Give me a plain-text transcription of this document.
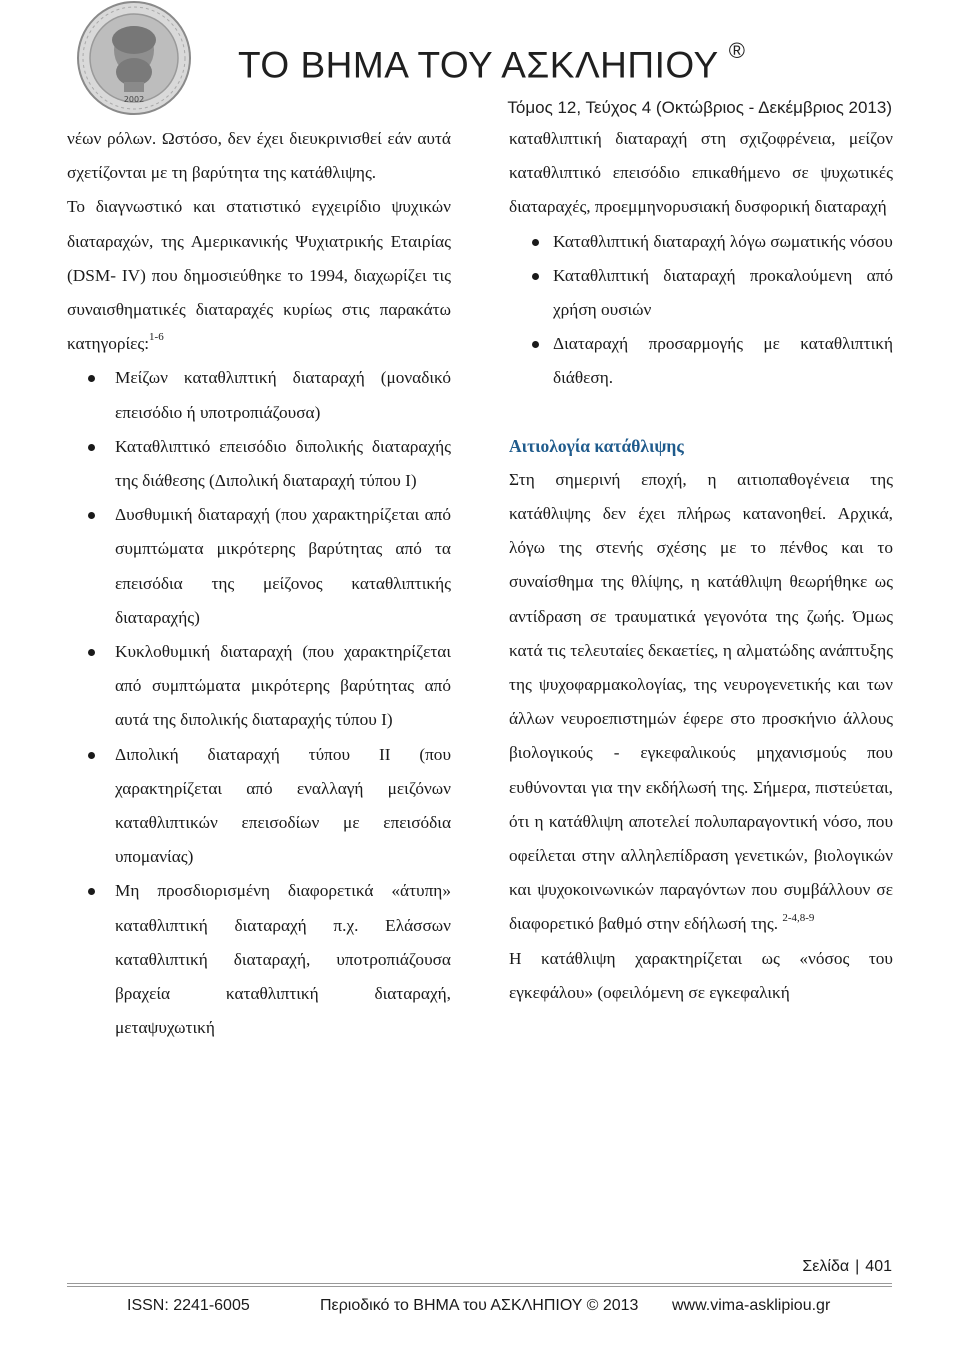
2002
ΤΟ ΒΗΜΑ ΤΟΥ ΑΣΚΛΗΠΙΟΥ ®
Τόμος 12, Τεύχος 4 (Οκτώβριος - Δεκέμβριος 2013)

νέων ρόλων. Ωστόσο, δεν έχει διευκρινισθεί εάν αυτά σχετίζονται με τη βαρύτητα της κατάθλιψης.

Το διαγνωστικό και στατιστικό εγχειρίδιο ψυχικών διαταραχών, της Αμερικανικής Ψυχιατρικής Εταιρίας (DSM- IV) που δημοσιεύθηκε το 1994, διαχωρίζει τις συναισθηματικές διαταραχές κυρίως στις παρακάτω κατηγορίες:$^{1-6}$

Μείζων καταθλιπτική διαταραχή (μοναδικό επεισόδιο ή υποτροπιάζουσα)
Καταθλιπτικό επεισόδιο διπολικής διαταραχής της διάθεσης (Διπολική διαταραχή τύπου Ι)
Δυσθυμική διαταραχή (που χαρακτηρίζεται από συμπτώματα μικρότερης βαρύτητας από τα επεισόδια της μείζονος καταθλιπτικής διαταραχής)
Κυκλοθυμική διαταραχή (που χαρακτηρίζεται από συμπτώματα μικρότερης βαρύτητας από αυτά της διπολικής διαταραχής τύπου Ι)
Διπολική διαταραχή τύπου ΙΙ (που χαρακτηρίζεται από εναλλαγή μειζόνων καταθλιπτικών επεισοδίων με επεισόδια υπομανίας)
Μη προσδιορισμένη διαφορετικά «άτυπη» καταθλιπτική διαταραχή π.χ. Ελάσσων καταθλιπτική διαταραχή, υποτροπιάζουσα βραχεία καταθλιπτική διαταραχή, μεταψυχωτική

καταθλιπτική διαταραχή στη σχιζοφρένεια, μείζον καταθλιπτικό επεισόδιο επικαθήμενο σε ψυχωτικές διαταραχές, προεμμηνορυσιακή δυσφορική διαταραχή

Καταθλιπτική διαταραχή λόγω σωματικής νόσου
Καταθλιπτική διαταραχή προκαλούμενη από χρήση ουσιών
Διαταραχή προσαρμογής με καταθλιπτική διάθεση.
Αιτιολογία κατάθλιψης

Στη σημερινή εποχή, η αιτιοπαθογένεια της κατάθλιψης δεν έχει πλήρως κατανοηθεί. Αρχικά, λόγω της στενής σχέσης με το πένθος και το συναίσθημα της θλίψης, η κατάθλιψη θεωρήθηκε ως αντίδραση σε τραυματικά γεγονότα της ζωής. Όμως κατά τις τελευταίες δεκαετίες, η αλματώδης ανάπτυξης της ψυχοφαρμακολογίας, της νευρογενετικής και των άλλων νευροεπιστημών έφερε στο προσκήνιο άλλους βιολογικούς - εγκεφαλικούς μηχανισμούς που ευθύνονται για την εκδήλωσή της. Σήμερα, πιστεύεται, ότι η κατάθλιψη αποτελεί πολυπαραγοντική νόσο, που οφείλεται στην αλληλεπίδραση γενετικών, βιολογικών και ψυχοκοινωνικών παραγόντων που συμβάλλουν σε διαφορετικό βαθμό στην εδήλωσή της. $^{2-4,8-9}$

Η κατάθλιψη χαρακτηρίζεται ως «νόσος του εγκεφάλου» (οφειλόμενη σε εγκεφαλική

Σελίδα | 401
ISSN: 2241-6005	Περιοδικό το ΒΗΜΑ του ΑΣΚΛΗΠΙΟΥ © 2013 www.vima-asklipiou.gr
